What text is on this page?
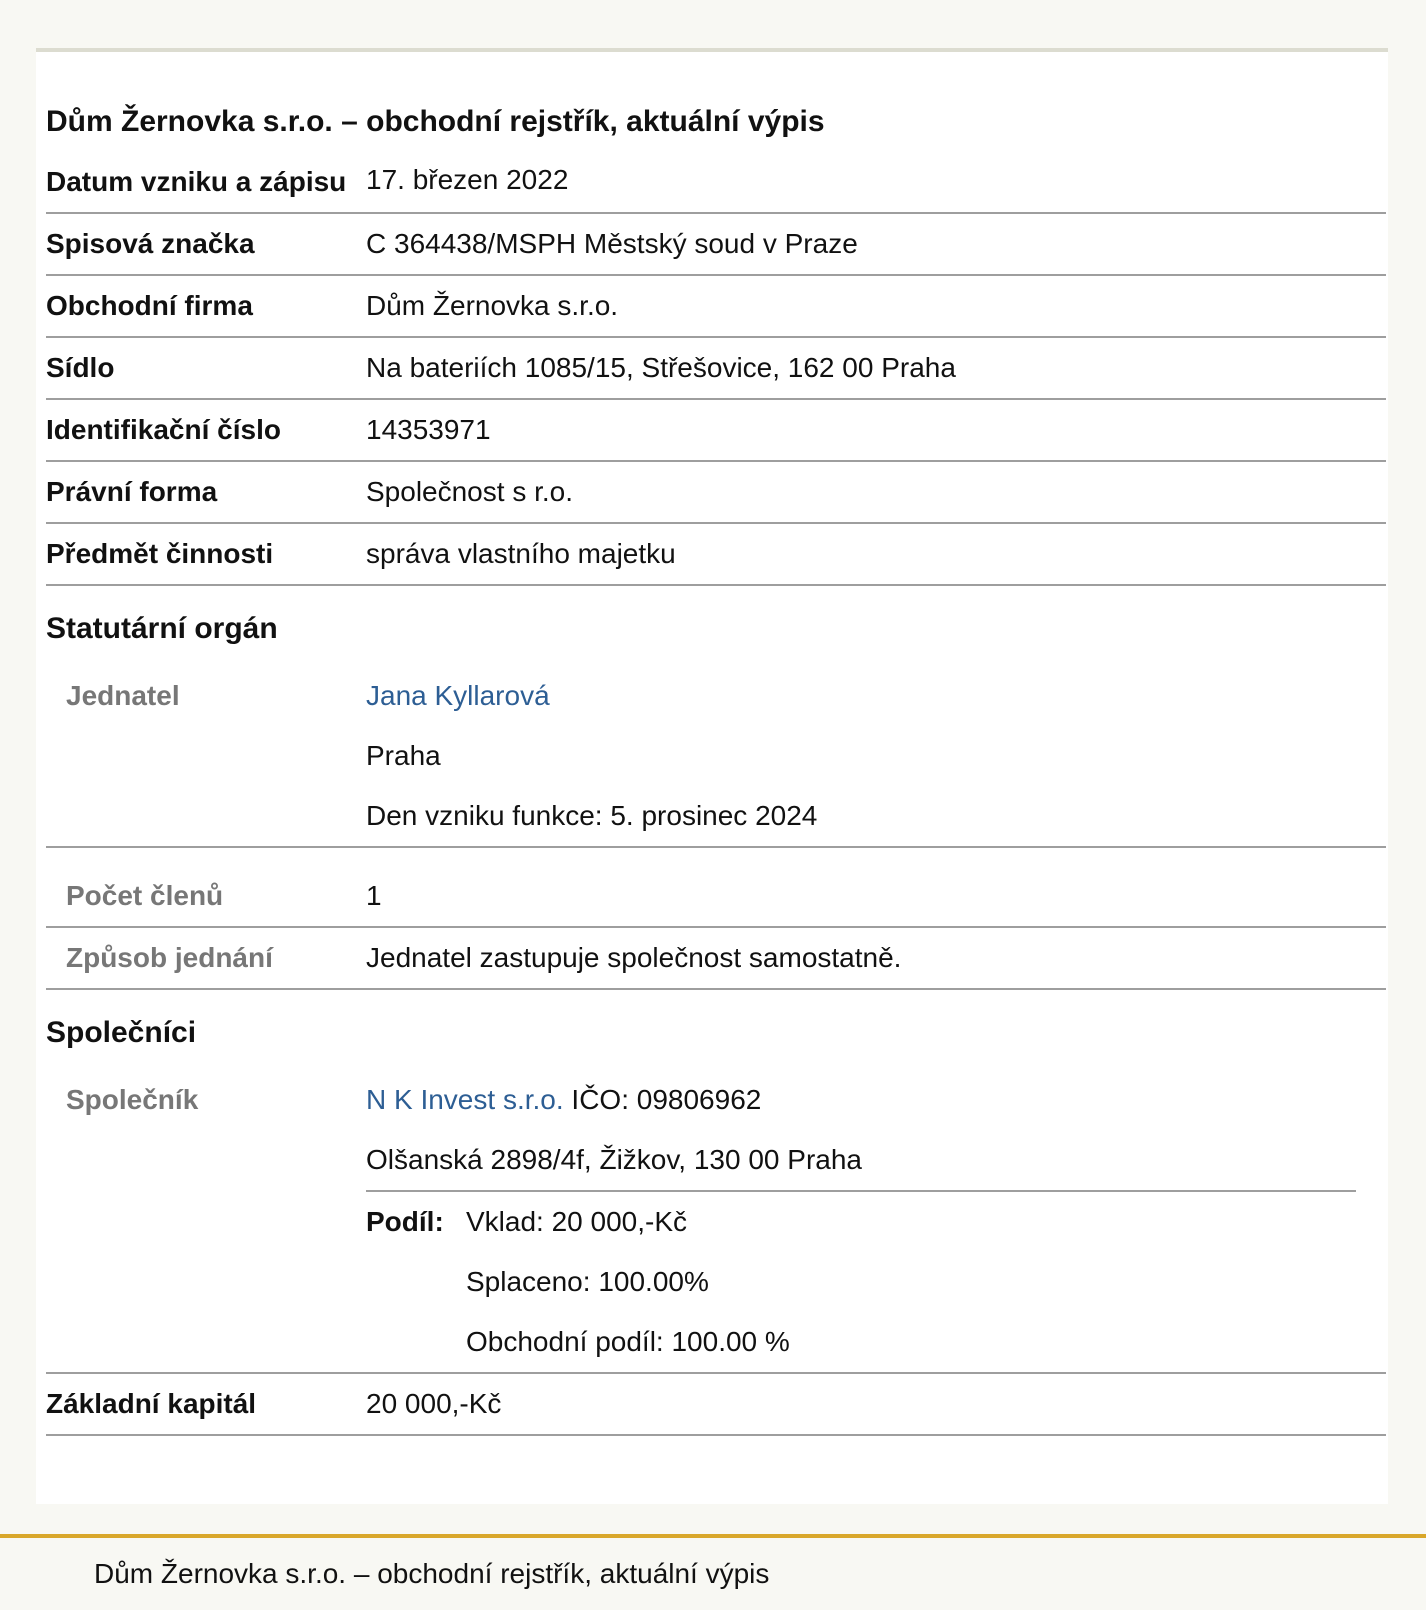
Dům Žernovka s.r.o. – obchodní rejstřík, aktuální výpis
Datum vzniku a zápisu 17. březen 2022
Spisová značka	C 364438/MSPH Městský soud v Praze
Obchodní firma	Dům Žernovka s.r.o.
Sídlo	Na bateriích 1085/15, Střešovice, 162 00 Praha
Identifikační číslo	14353971
Právní forma	Společnost s r.o.
Předmět činnosti	správa vlastního majetku
Statutární orgán
Jednatel	Jana Kyllarová
Praha
Den vzniku funkce: 5. prosinec 2024
Počet členů	1
Způsob jednání	Jednatel zastupuje společnost samostatně.
Společníci
Společník	N K Invest s.r.o. IČO: 09806962
Olšanská 2898/4f, Žižkov, 130 00 Praha
Podíl: Vklad: 20 000,-Kč
Splaceno: 100.00%
Obchodní podíl: 100.00 %
Základní kapitál	20 000,-Kč
Dům Žernovka s.r.o. – obchodní rejstřík, aktuální výpis
